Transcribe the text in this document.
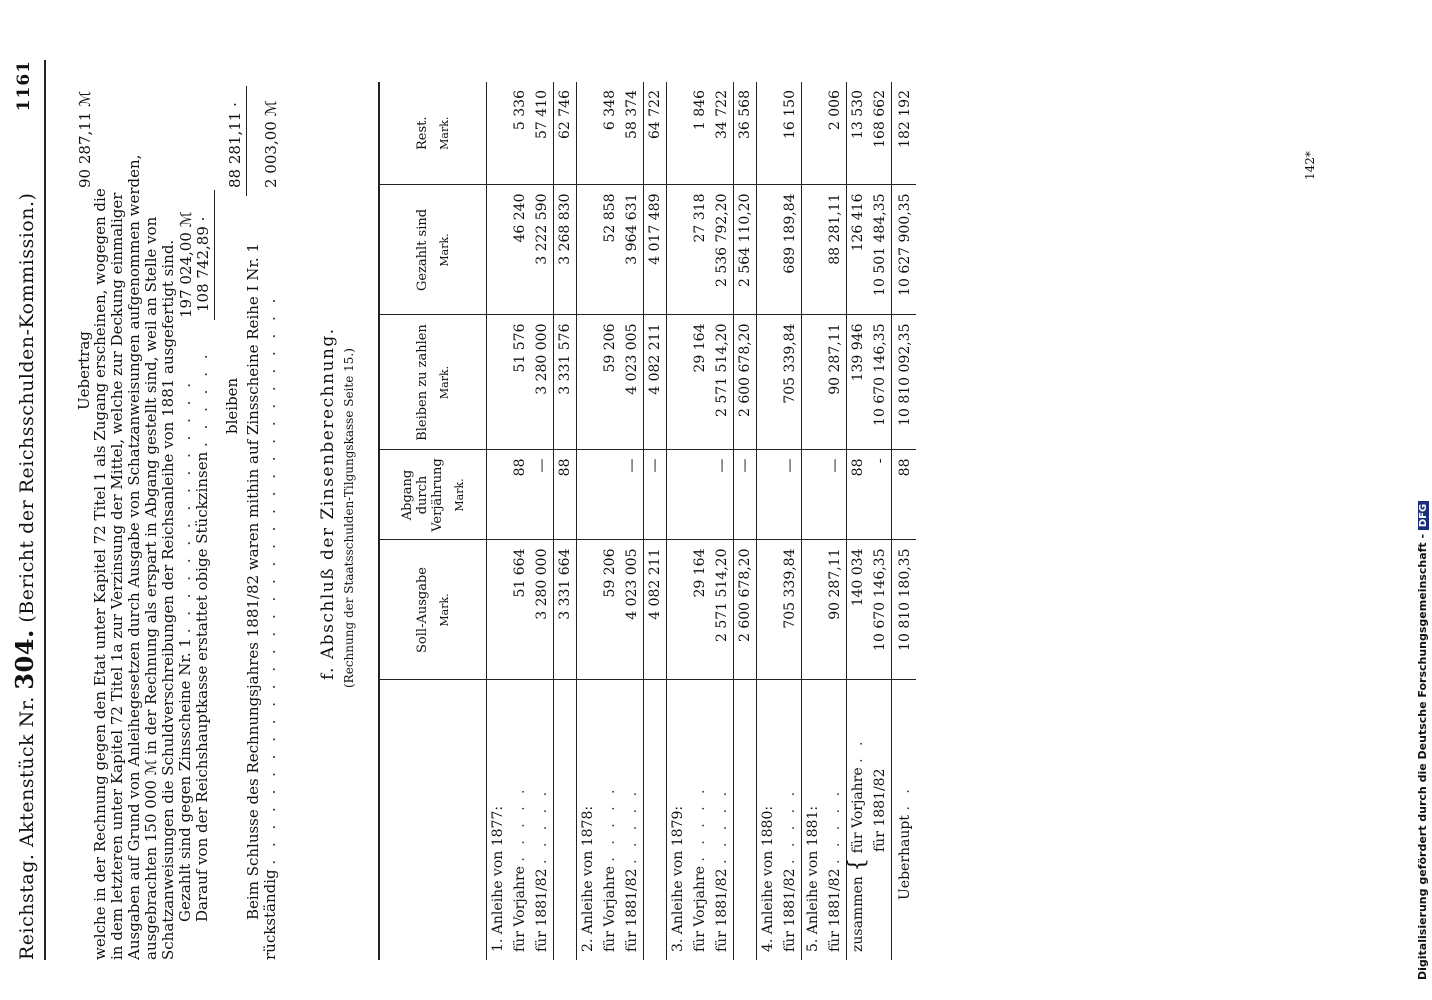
Reichstag. Aktenstück Nr. 304. (Bericht der Reichsschulden-Kommission.)
1161
Uebertrag
90 287,11 ℳ
welche in der Rechnung gegen den Etat unter Kapitel 72 Titel 1 als Zugang erscheinen, wogegen die in dem letzteren unter Kapitel 72 Titel 1a zur Verzinsung der Mittel, welche zur Deckung einmaliger Ausgaben auf Grund von Anleihegesetzen durch Ausgabe von Schatzanweisungen aufgenommen werden, ausgebrachten 150 000 ℳ in der Rechnung als erspart in Abgang gestellt sind, weil an Stelle von Schatzanweisungen die Schuldverschreibungen der Reichsanleihe von 1881 ausgefertigt sind. Gezahlt sind gegen Zinsscheine Nr. 1 . . . . . . . . . . . . . . .
197 024,00 ℳ
Darauf von der Reichshauptkasse erstattet obige Stückzinsen . . . . . .
108 742,89 ·
bleiben
88 281,11 ·
Beim Schlusse des Rechnungsjahres 1881/82 waren mithin auf Zinsscheine Reihe I Nr. 1 rückständig . . . . . . . . . . . . . . . . . . . . . . . . . . . . . . . . .
2 003,00 ℳ
f. Abschluß der Zinsenberechnung. (Rechnung der Staatsschulden-Tilgungskasse Seite 15.)
		Soll-Ausgabe Mark.	Abgang durch Verjährung Mark.	Bleiben zu zahlen Mark.	Gezahlt sind Mark.	Rest. Mark.

1. Anleihe von 1877:					
für Vorjahre . . . . .	51 664	88	51 576	46 240	5 336
für 1881/82 . . . . .	3 280 000	—	3 280 000	3 222 590	57 410
	3 331 664	88	3 331 576	3 268 830	62 746
2. Anleihe von 1878:					
für Vorjahre . . . . .	59 206		59 206	52 858	6 348
für 1881/82 . . . . .	4 023 005	—	4 023 005	3 964 631	58 374
	4 082 211	—	4 082 211	4 017 489	64 722
3. Anleihe von 1879:					
für Vorjahre . . . . .	29 164		29 164	27 318	1 846
für 1881/82 . . . . .	2 571 514,20	—	2 571 514,20	2 536 792,20	34 722
	2 600 678,20	—	2 600 678,20	2 564 110,20	36 568
4. Anleihe von 1880:					
für 1881/82 . . . . .	705 339,84	—	705 339,84	689 189,84	16 150
5. Anleihe von 1881:					
für 1881/82 . . . . .	90 287,11	—	90 287,11	88 281,11	2 006
zusammen { für Vorjahre . .	140 034	88	139 946	126 416	13 530
für 1881/82	10 670 146,35	-	10 670 146,35	10 501 484,35	168 662
Ueberhaupt . .	10 810 180,35	88	10 810 092,35	10 627 900,35	182 192
142*
Digitalisierung gefördert durch die Deutsche Forschungsgemeinschaft - DFG
